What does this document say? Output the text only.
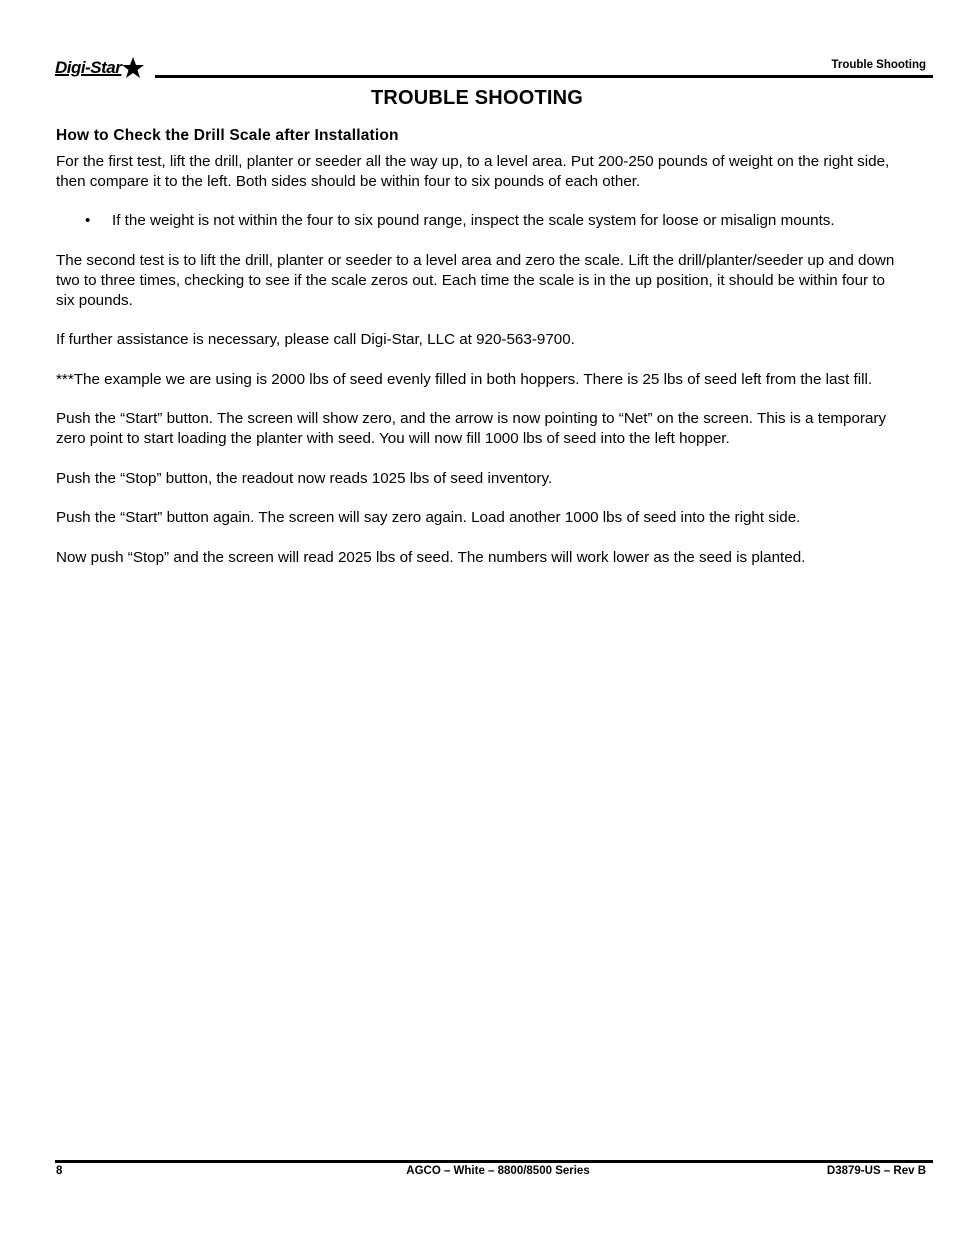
Digi-Star	Trouble Shooting
TROUBLE SHOOTING
How to Check the Drill Scale after Installation

For the first test, lift the drill, planter or seeder all the way up, to a level area. Put 200-250 pounds of weight on the right side, then compare it to the left. Both sides should be within four to six pounds of each other.

•	If the weight is not within the four to six pound range, inspect the scale system for loose or misalign mounts.

The second test is to lift the drill, planter or seeder to a level area and zero the scale. Lift the drill/planter/seeder up and down two to three times, checking to see if the scale zeros out. Each time the scale is in the up position, it should be within four to six pounds.

If further assistance is necessary, please call Digi-Star, LLC at 920-563-9700.

***The example we are using is 2000 lbs of seed evenly filled in both hoppers. There is 25 lbs of seed left from the last fill.

Push the “Start” button. The screen will show zero, and the arrow is now pointing to “Net” on the screen. This is a temporary zero point to start loading the planter with seed. You will now fill 1000 lbs of seed into the left hopper.

Push the “Stop” button, the readout now reads 1025 lbs of seed inventory.

Push the “Start” button again. The screen will say zero again. Load another 1000 lbs of seed into the right side.

Now push “Stop” and the screen will read 2025 lbs of seed. The numbers will work lower as the seed is planted.

8	AGCO – White – 8800/8500 Series	D3879-US – Rev B
